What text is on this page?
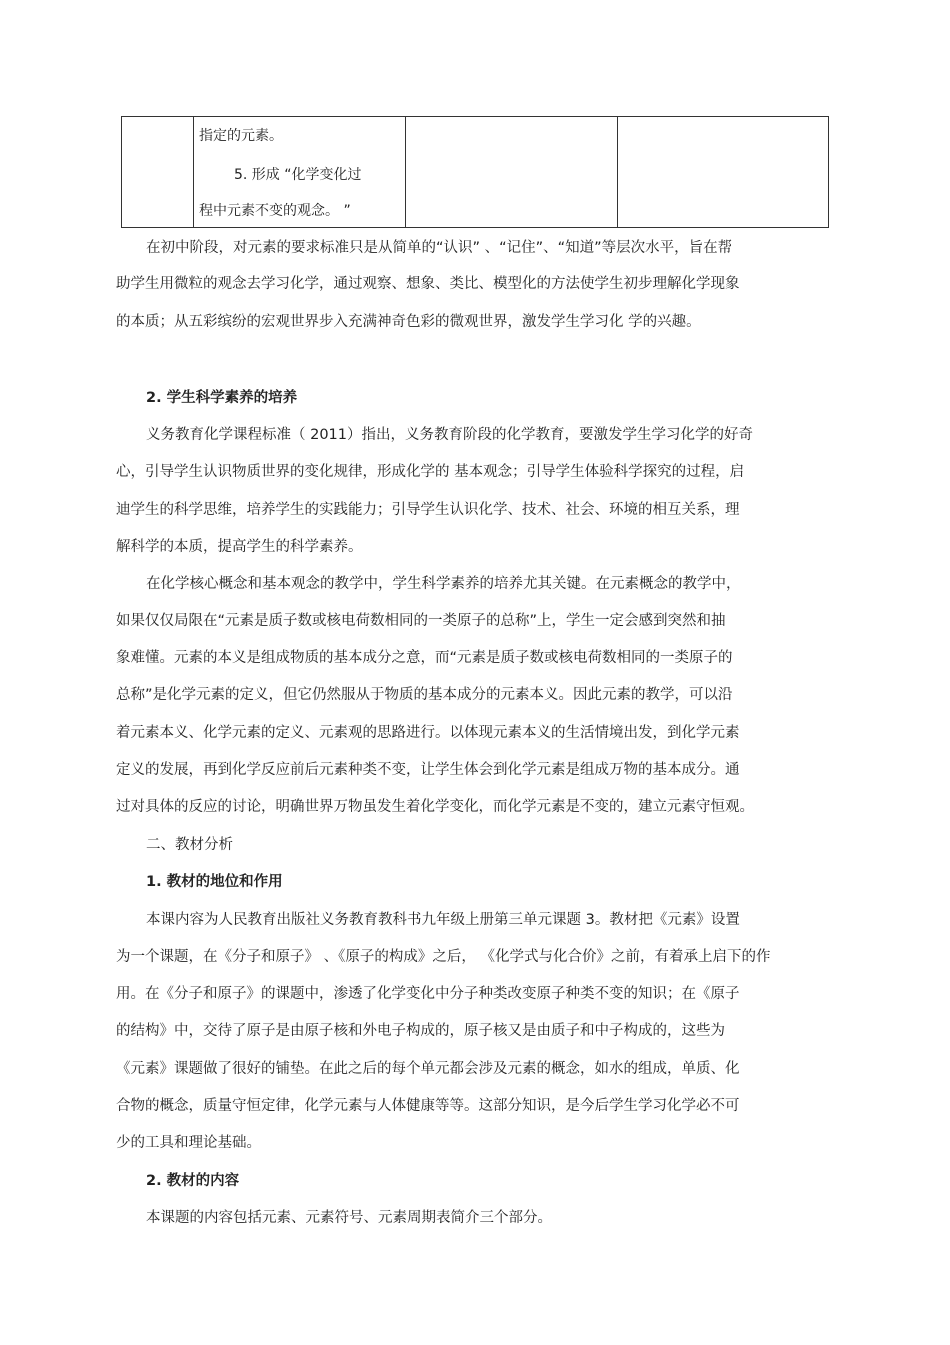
指定的元素。
5. 形成 “化学变化过
程中元素不变的观念。 ”
在初中阶段，对元素的要求标准只是从简单的“认识” 、“记住”、“知道”等层次水平，旨在帮
助学生用微粒的观念去学习化学，通过观察、想象、类比、模型化的方法使学生初步理解化学现象
的本质；从五彩缤纷的宏观世界步入充满神奇色彩的微观世界，激发学生学习化 学的兴趣。
2. 学生科学素养的培养
义务教育化学课程标准（ 2011）指出，义务教育阶段的化学教育，要激发学生学习化学的好奇
心，引导学生认识物质世界的变化规律，形成化学的 基本观念；引导学生体验科学探究的过程，启
迪学生的科学思维，培养学生的实践能力；引导学生认识化学、技术、社会、环境的相互关系，理
解科学的本质，提高学生的科学素养。
在化学核心概念和基本观念的教学中，学生科学素养的培养尤其关键。在元素概念的教学中，
如果仅仅局限在“元素是质子数或核电荷数相同的一类原子的总称”上，学生一定会感到突然和抽
象难懂。元素的本义是组成物质的基本成分之意，而“元素是质子数或核电荷数相同的一类原子的
总称”是化学元素的定义，但它仍然服从于物质的基本成分的元素本义。因此元素的教学，可以沿
着元素本义、化学元素的定义、元素观的思路进行。以体现元素本义的生活情境出发，到化学元素
定义的发展，再到化学反应前后元素种类不变，让学生体会到化学元素是组成万物的基本成分。通
过对具体的反应的讨论，明确世界万物虽发生着化学变化，而化学元素是不变的，建立元素守恒观。
二、教材分析
1. 教材的地位和作用
本课内容为人民教育出版社义务教育教科书九年级上册第三单元课题 3。教材把《元素》设置
为一个课题，在《分子和原子》 、《原子的构成》之后， 《化学式与化合价》之前，有着承上启下的作
用。在《分子和原子》的课题中，渗透了化学变化中分子种类改变原子种类不变的知识；在《原子
的结构》中，交待了原子是由原子核和外电子构成的，原子核又是由质子和中子构成的，这些为
《元素》课题做了很好的铺垫。在此之后的每个单元都会涉及元素的概念，如水的组成，单质、化
合物的概念，质量守恒定律，化学元素与人体健康等等。这部分知识，是今后学生学习化学必不可
少的工具和理论基础。
2. 教材的内容
本课题的内容包括元素、元素符号、元素周期表简介三个部分。
